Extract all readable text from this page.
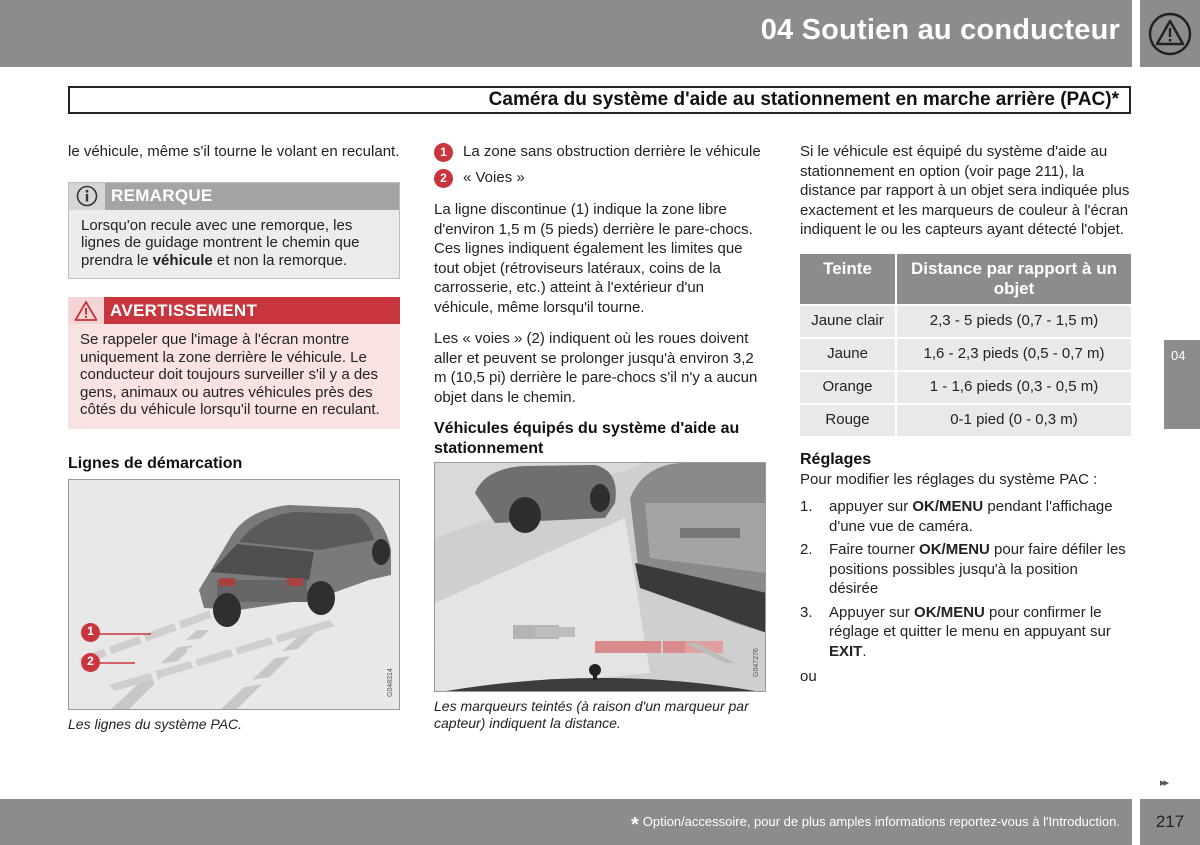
04 Soutien au conducteur
Caméra du système d'aide au stationnement en marche arrière (PAC)*

le véhicule, même s'il tourne le volant en reculant.

REMARQUE
Lorsqu'on recule avec une remorque, les lignes de guidage montrent le chemin que prendra le véhicule et non la remorque.
AVERTISSEMENT
Se rappeler que l'image à l'écran montre uniquement la zone derrière le véhicule. Le conducteur doit toujours surveiller s'il y a des gens, animaux ou autres véhicules près des côtés du véhicule lorsqu'il tourne en reculant.
Lignes de démarcation
1
2
G048314
Les lignes du système PAC.
1	La zone sans obstruction derrière le véhicule
2	« Voies »

La ligne discontinue (1) indique la zone libre d'environ 1,5 m (5 pieds) derrière le pare-chocs. Ces lignes indiquent également les limites que tout objet (rétroviseurs latéraux, coins de la carrosserie, etc.) atteint à l'extérieur d'un véhicule, même lorsqu'il tourne.

Les « voies » (2) indiquent où les roues doivent aller et peuvent se prolonger jusqu'à environ 3,2 m (10,5 pi) derrière le pare-chocs s'il n'y a aucun objet dans le chemin.

Véhicules équipés du système d'aide au stationnement
G047276
Les marqueurs teintés (à raison d'un marqueur par capteur) indiquent la distance.

Si le véhicule est équipé du système d'aide au stationnement en option (voir page 211), la distance par rapport à un objet sera indiquée plus exactement et les marqueurs de couleur à l'écran indiquent le ou les capteurs ayant détecté l'objet.

Teinte	Distance par rapport à un objet
Jaune clair	2,3 - 5 pieds (0,7 - 1,5 m)
Jaune	1,6 - 2,3 pieds (0,5 - 0,7 m)
Orange	1 - 1,6 pieds (0,3 - 0,5 m)
Rouge	0-1 pied (0 - 0,3 m)
Réglages

Pour modifier les réglages du système PAC :

1.	appuyer sur OK/MENU pendant l'affichage d'une vue de caméra.
2.	Faire tourner OK/MENU pour faire défiler les positions possibles jusqu'à la position désirée
3.	Appuyer sur OK/MENU pour confirmer le réglage et quitter le menu en appuyant sur EXIT.

ou

04
▸▸
* Option/accessoire, pour de plus amples informations reportez-vous à l'Introduction.	217
